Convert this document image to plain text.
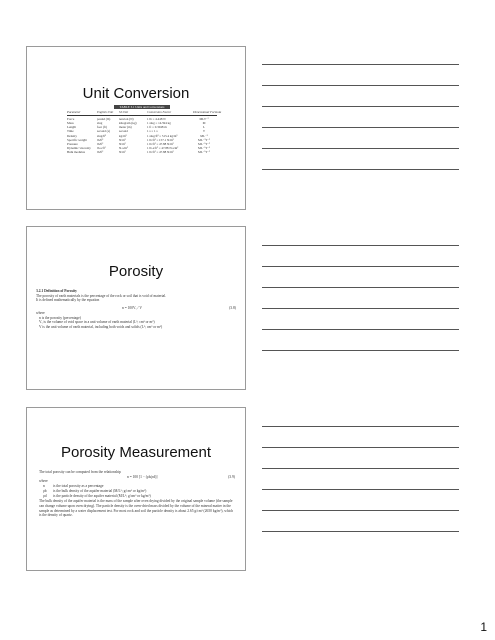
Unit Conversion
TABLE 3.1 Units and Conversions
Parameter	English Unit	SI Unit	Conversion Factor	Dimensional Formula
Force	pound (lb)	newton (N)	1 lb = 4.448 N	MLT⁻²
Mass	slug	kilogram (kg)	1 slug = 14.594 kg	M
Length	foot (ft)	meter (m)	1 ft = 0.3048 m	L
Time	second (s)	second	1 s = 1 s	T
Density	slug/ft³	kg/m³	1 slug/ft³ = 515.4 kg/m³	ML⁻³
Specific weight	lb/ft³	N/m³	1 lb/ft³ = 157.1 N/m³	ML⁻²T⁻²
Pressure	lb/ft²	N/m²	1 lb/ft² = 47.88 N/m²	ML⁻¹T⁻²
Dynamic viscosity	lb-s/ft²	N-s/m²	1 lb-s/ft² = 47.88 N-s/m²	ML⁻¹T⁻¹
Bulk modulus	lb/ft²	N/m²	1 lb/ft² = 47.88 N/m²	ML⁻¹T⁻²
Porosity
3.2.1 Definition of Porosity
The porosity of earth materials is the percentage of the rock or soil that is void of material.
It is defined mathematically by the equation
n = 100Vᵥ / V	(3.8)
where
n is the porosity (percentage)
Vᵥ is the volume of void space in a unit volume of earth material (L³; cm³ or m³)
V is the unit volume of earth material, including both voids and solids (L³; cm³ or m³)
Porosity Measurement
The total porosity can be computed from the relationship
n = 100 [1 − (ρb/ρd)]	(3.9)
where
n	is the total porosity as a percentage
ρb	is the bulk density of the aquifer material (M/L³; g/cm³ or kg/m³)
ρd	is the particle density of the aquifer material (M/L³; g/cm³ or kg/m³)
The bulk density of the aquifer material is the mass of the sample after oven drying divided by the original sample volume (the sample can change volume upon oven drying). The particle density is the oven-dried mass divided by the volume of the mineral matter in the sample as determined by a water displacement test. For most rock and soil the particle density is about 2.65 g/cm³ (2650 kg/m³), which is the density of quartz.
1
